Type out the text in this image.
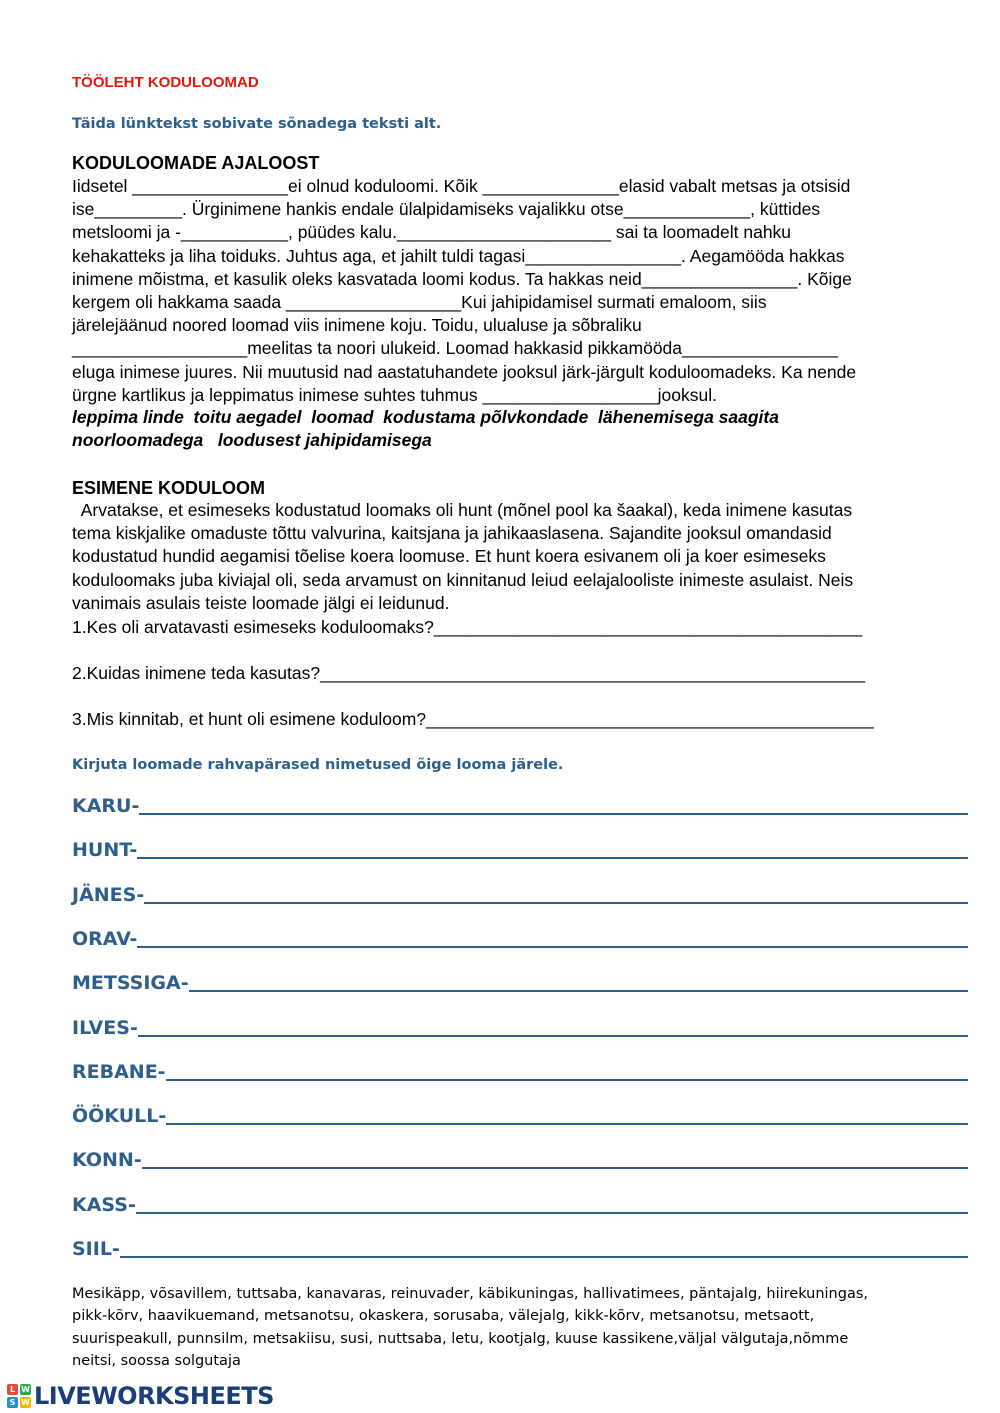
TÖÖLEHT KODULOOMAD

Täida lünktekst sobivate sõnadega teksti alt.

KODULOOMADE AJALOOST

Iidsetel ________________ei olnud koduloomi. Kõik ______________elasid vabalt metsas ja otsisid
ise_________. Ürginimene hankis endale ülalpidamiseks vajalikku otse_____________, küttides
metsloomi ja -___________, püüdes kalu.______________________ sai ta loomadelt nahku
kehakatteks ja liha toiduks. Juhtus aga, et jahilt tuldi tagasi________________. Aegamööda hakkas
inimene mõistma, et kasulik oleks kasvatada loomi kodus. Ta hakkas neid________________. Kõige
kergem oli hakkama saada __________________Kui jahipidamisel surmati emaloom, siis
järelejäänud noored loomad viis inimene koju. Toidu, ulualuse ja sõbraliku
__________________meelitas ta noori ulukeid. Loomad hakkasid pikkamööda________________
eluga inimese juures. Nii muutusid nad aastatuhandete jooksul järk-järgult koduloomadeks. Ka nende
ürgne kartlikus ja leppimatus inimese suhtes tuhmus __________________jooksul.
leppima linde  toitu aegadel  loomad  kodustama põlvkondade  lähenemisega saagita
noorloomadega   loodusest jahipidamisega

ESIMENE KODULOOM

Arvatakse, et esimeseks kodustatud loomaks oli hunt (mõnel pool ka šaakal), keda inimene kasutas
tema kiskjalike omaduste tõttu valvurina, kaitsjana ja jahikaaslasena. Sajandite jooksul omandasid
kodustatud hundid aegamisi tõelise koera loomuse. Et hunt koera esivanem oli ja koer esimeseks
koduloomaks juba kiviajal oli, seda arvamust on kinnitanud leiud eelajalooliste inimeste asulaist. Neis
vanimais asulais teiste loomade jälgi ei leidunud.

1.Kes oli arvatavasti esimeseks koduloomaks?____________________________________________

2.Kuidas inimene teda kasutas?________________________________________________________

3.Mis kinnitab, et hunt oli esimene koduloom?______________________________________________

Kirjuta loomade rahvapärased nimetused õige looma järele.

KARU-
HUNT-
JÄNES-
ORAV-
METSSIGA-
ILVES-
REBANE-
ÖÖKULL-
KONN-
KASS-
SIIL-
Mesikäpp, võsavillem, tuttsaba, kanavaras, reinuvader, käbikuningas, hallivatimees, päntajalg, hiirekuningas,
pikk-kõrv, haavikuemand, metsanotsu, okaskera, sorusaba, välejalg, kikk-kõrv, metsanotsu, metsaott,
suurispeakull, punnsilm, metsakiisu, susi, nuttsaba, letu, kootjalg, kuuse kassikene,väljal välgutaja,nõmme
neitsi, soossa solgutaja
L W
S W LIVEWORKSHEETS
